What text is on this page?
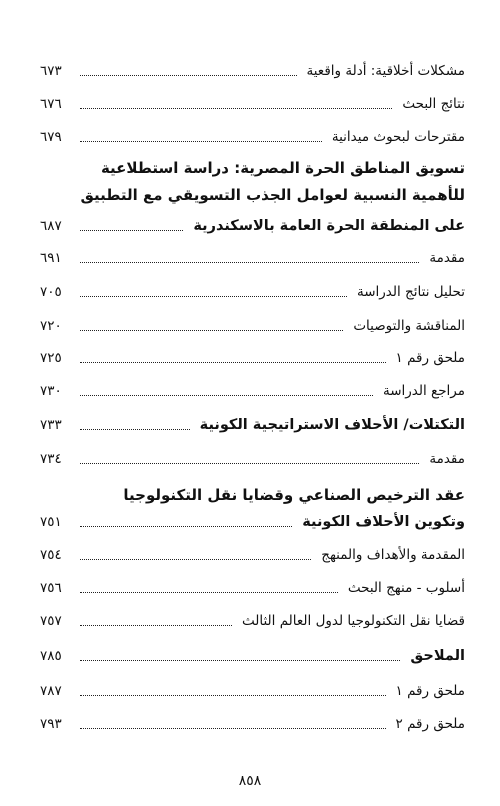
مشكلات أخلاقية: أدلة واقعية
٦٧٣
نتائج البحث
٦٧٦
مقترحات لبحوث ميدانية
٦٧٩
تسويق المناطق الحرة المصرية: دراسة استطلاعية
للأهمية النسبية لعوامل الجذب التسويقي مع التطبيق
على المنطقة الحرة العامة بالاسكندرية
٦٨٧
مقدمة
٦٩١
تحليل نتائج الدراسة
٧٠٥
المناقشة والتوصيات
٧٢٠
ملحق رقم ١
٧٢٥
مراجع الدراسة
٧٣٠
التكتلات/ الأحلاف الاستراتيجية الكونية
٧٣٣
مقدمة
٧٣٤
عقد الترخيص الصناعي وقضايا نقل التكنولوجيا
وتكوين الأحلاف الكونية
٧٥١
المقدمة والأهداف والمنهج
٧٥٤
أسلوب - منهج البحث
٧٥٦
قضايا نقل التكنولوجيا لدول العالم الثالث
٧٥٧
الملاحق
٧٨٥
ملحق رقم ١
٧٨٧
ملحق رقم ٢
٧٩٣
٨٥٨
